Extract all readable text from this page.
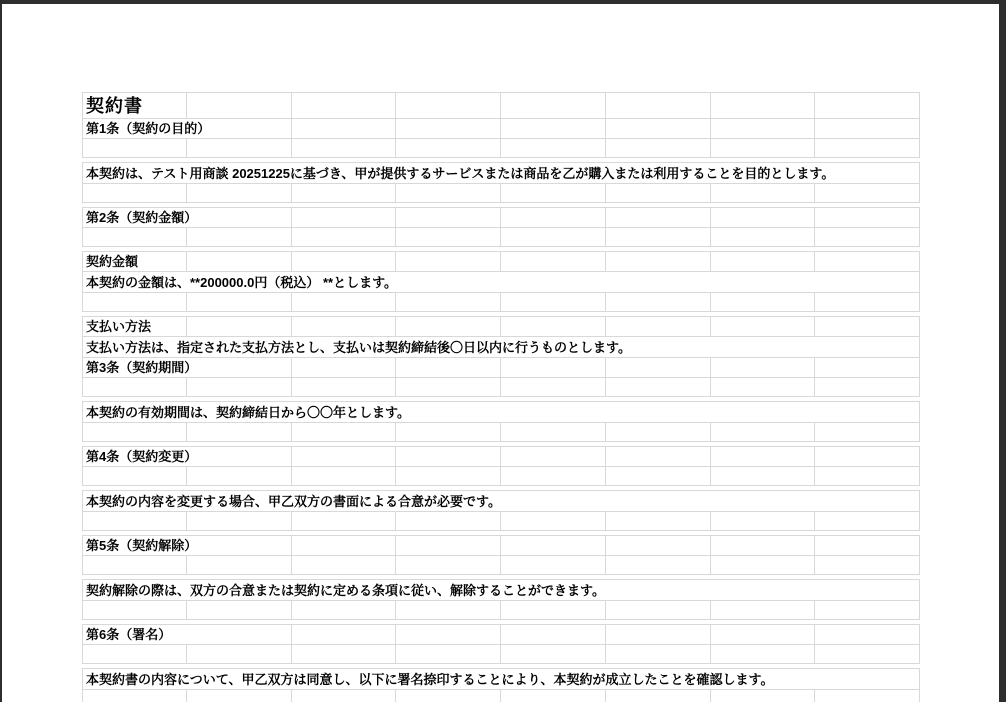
契約書
第1条（契約の目的）
本契約は、テスト用商談 20251225に基づき、甲が提供するサービスまたは商品を乙が購入または利用することを目的とします。
第2条（契約金額）
契約金額
本契約の金額は、**200000.0円（税込） **とします。
支払い方法
支払い方法は、指定された支払方法とし、支払いは契約締結後〇日以内に行うものとします。
第3条（契約期間）
本契約の有効期間は、契約締結日から〇〇年とします。
第4条（契約変更）
本契約の内容を変更する場合、甲乙双方の書面による合意が必要です。
第5条（契約解除）
契約解除の際は、双方の合意または契約に定める条項に従い、解除することができます。
第6条（署名）
本契約書の内容について、甲乙双方は同意し、以下に署名捺印することにより、本契約が成立したことを確認します。
